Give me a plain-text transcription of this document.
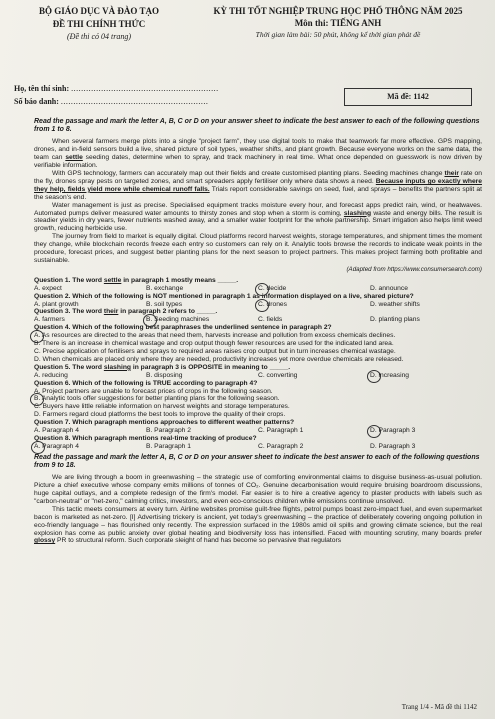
BỘ GIÁO DỤC VÀ ĐÀO TẠO
ĐỀ THI CHÍNH THỨC
(Đề thi có 04 trang)
KỲ THI TỐT NGHIỆP TRUNG HỌC PHỔ THÔNG NĂM 2025
Môn thi: TIẾNG ANH
Thời gian làm bài: 50 phút, không kể thời gian phát đề
Họ, tên thí sinh: ...........................................................
Số báo danh: ...........................................................
Mã đề: 1142

Read the passage and mark the letter A, B, C or D on your answer sheet to indicate the best answer to each of the following questions from 1 to 8.

When several farmers merge plots into a single "project farm", they use digital tools to make that teamwork far more effective. GPS mapping, drones, and in-field sensors build a live, shared picture of soil types, weather shifts, and plant growth. Because everyone works on the same data, the team can settle seeding dates, determine when to spray, and track machinery in real time. What once depended on guesswork is now driven by verifiable information.

With GPS technology, farmers can accurately map out their fields and create customised planting plans. Seeding machines change their rate on the fly, drones spray pests on targeted zones, and smart spreaders apply fertiliser only where data shows a need. Because inputs go exactly where they help, fields yield more while chemical runoff falls. Trials report considerable savings on seed, fuel, and sprays – benefits the partners split at the season's end.

Water management is just as precise. Specialised equipment tracks moisture every hour, and forecast apps predict rain, wind, or heatwaves. Automated pumps deliver measured water amounts to thirsty zones and stop when a storm is coming, slashing waste and energy bills. The result is steadier yields in dry years, fewer nutrients washed away, and a smaller water footprint for the whole partnership. Smart irrigation also helps limit weed growth, reducing herbicide use.

The journey from field to market is equally digital. Cloud platforms record harvest weights, storage temperatures, and shipment times the moment they change, while blockchain records freeze each entry so customers can rely on it. Analytic tools browse the records to indicate weak points in the procedure, forecast prices, and suggest better planting plans for the next season to project partners. This makes project farming both profitable and sustainable.

(Adapted from https://www.consumersearch.com)

Question 1. The word settle in paragraph 1 mostly means _____.

A. expect	B. exchange	C. decide	D. announce

Question 2. Which of the following is NOT mentioned in paragraph 1 as information displayed on a live, shared picture?

A. plant growth	B. soil types	C. drones	D. weather shifts

Question 3. The word their in paragraph 2 refers to _____.

A. farmers	B. Seeding machines	C. fields	D. planting plans

Question 4. Which of the following best paraphrases the underlined sentence in paragraph 2?

A. As resources are directed to the areas that need them, harvests increase and pollution from excess chemicals declines.

B. There is an increase in chemical wastage and crop output though fewer resources are used for the indicated land area.

C. Precise application of fertilisers and sprays to required areas raises crop output but in turn increases chemical wastage.

D. When chemicals are placed only where they are needed, productivity increases yet more overdue chemicals are released.

Question 5. The word slashing in paragraph 3 is OPPOSITE in meaning to _____.

A. reducing	B. disposing	C. converting	D. increasing

Question 6. Which of the following is TRUE according to paragraph 4?

A. Project partners are unable to forecast prices of crops in the following season.

B. Analytic tools offer suggestions for better planting plans for the following season.

C. Buyers have little reliable information on harvest weights and storage temperatures.

D. Farmers regard cloud platforms the best tools to improve the quality of their crops.

Question 7. Which paragraph mentions approaches to different weather patterns?

A. Paragraph 4	B. Paragraph 2	C. Paragraph 1	D. Paragraph 3

Question 8. Which paragraph mentions real-time tracking of produce?

A. Paragraph 4	B. Paragraph 1	C. Paragraph 2	D. Paragraph 3

Read the passage and mark the letter A, B, C or D on your answer sheet to indicate the best answer to each of the following questions from 9 to 18.

We are living through a boom in greenwashing – the strategic use of comforting environmental claims to disguise business-as-usual pollution. Picture a chief executive whose company emits millions of tonnes of CO₂. Genuine decarbonisation would require bruising boardroom discussions, huge capital outlays, and a complete redesign of the firm's model. Far easier is to hire a creative agency to plaster products with labels such as "carbon-neutral" or "net-zero," calming critics, investors, and even eco-conscious children while emissions continue unsolved.

This tactic meets consumers at every turn. Airline websites promise guilt-free flights, petrol pumps boast zero-impact fuel, and even supermarket bacon is marketed as net-zero. [I] Advertising trickery is ancient, yet today's greenwashing – the practice of deliberately covering ongoing pollution in eco-friendly language – has flourished only recently. The expression surfaced in the 1980s amid oil spills and growing climate science, but the real explosion has come as public anxiety over global heating and biodiversity loss has intensified. Faced with mounting scrutiny, many boards prefer glossy PR to structural reform. Such corporate sleight of hand has become so pervasive that regulators

Trang 1/4 - Mã đề thi 1142
